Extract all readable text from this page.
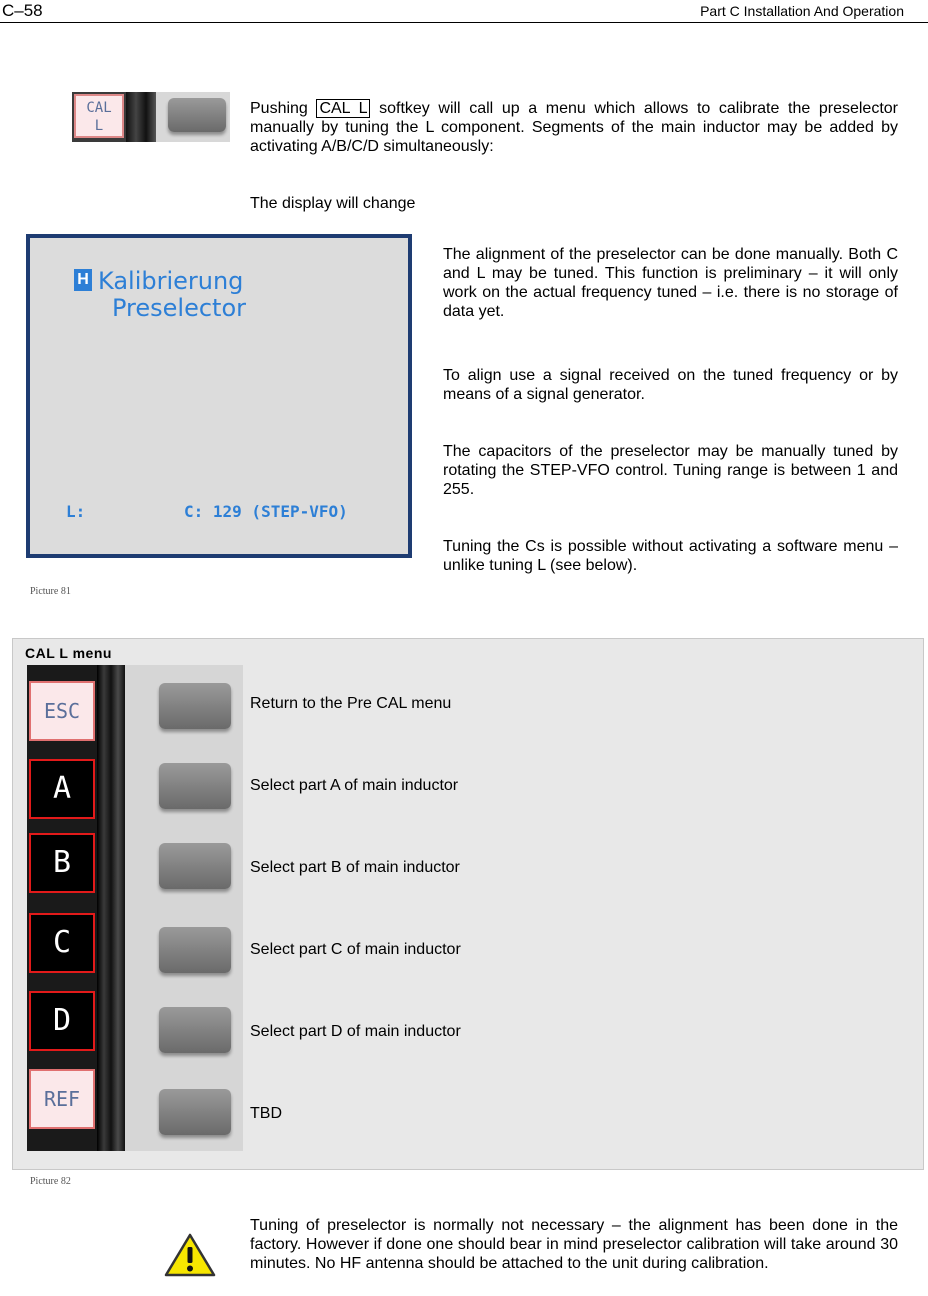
C–58	Part C Installation And Operation
CAL
L
Pushing CAL L softkey will call up a menu which allows to calibrate the preselector manually by tuning the L component. Segments of the main inductor may be added by activating A/B/C/D simultaneously:
The display will change
H Kalibrierung
Preselector
L:	C: 129 (STEP-VFO)
Picture 81
The alignment of the preselector can be done manually. Both C and L may be tuned. This function is preliminary – it will only work on the actual frequency tuned – i.e. there is no storage of data yet.
To align use a signal received on the tuned frequency or by means of a signal generator.
The capacitors of the preselector may be manually tuned by rotating the STEP-VFO control. Tuning range is between 1 and 255.
Tuning the Cs is possible without activating a software menu – unlike tuning L (see below).
CAL L menu
ESC
A
B
C
D
REF
Return to the Pre CAL menu
Select part A of main inductor
Select part B of main inductor
Select part C of main inductor
Select part D of main inductor
TBD
Picture 82
Tuning of preselector is normally not necessary – the alignment has been done in the factory. However if done one should bear in mind preselector calibration will take around 30 minutes. No HF antenna should be attached to the unit during calibration.
